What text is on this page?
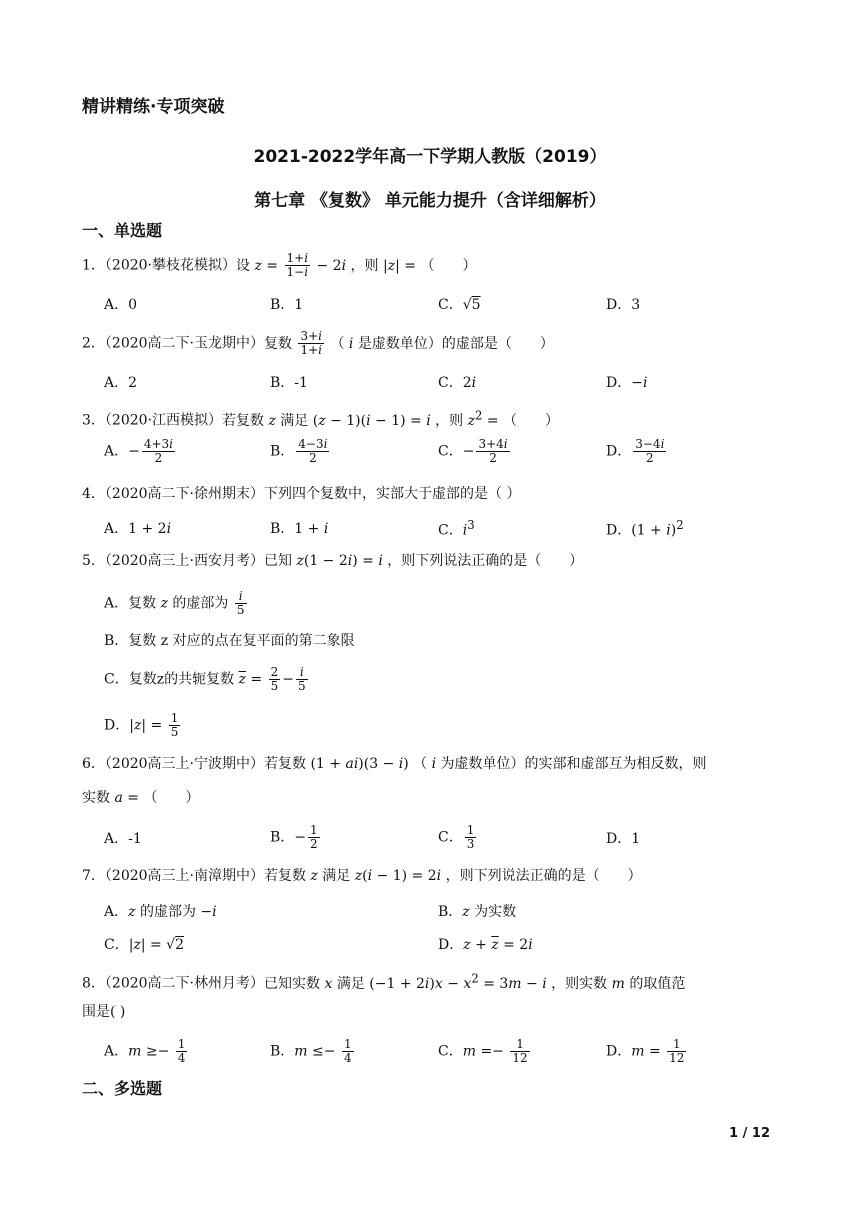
精讲精练·专项突破
2021-2022学年高一下学期人教版（2019）
第七章 《复数》 单元能力提升（含详细解析）
一、单选题
1．（2020·攀枝花模拟）设 $z = \frac{1+i}{1-i} - 2i$ ，则 |z| = （　　）
A．0	B．1	C．√5	D．3
2．（2020高二下·玉龙期中）复数 $\frac{3+i}{1+i}$ （ i 是虚数单位）的虚部是（　　）
A．2	B．-1	C．2i	D．−i
3．（2020·江西模拟）若复数 z 满足 (z − 1)(i − 1) = i ，则 $z^2$ = （　　）
A．− $\frac{4+3i}{2}$	B． $\frac{4-3i}{2}$	C．− $\frac{3+4i}{2}$	D． $\frac{3-4i}{2}$
4．（2020高二下·徐州期末）下列四个复数中，实部大于虚部的是（ ）
A．1 + 2i	B．1 + i	C．$i^3$	D．$(1 + i)^2$
5．（2020高三上·西安月考）已知 z(1 − 2i) = i ，则下列说法正确的是（　　）
A．复数 z 的虚部为 $\frac{i}{5}$
B．复数 z 对应的点在复平面的第二象限
C．复数z的共轭复数 $\overline{z} = \frac{2}{5} - \frac{i}{5}$
D．$|z| = \frac{1}{5}$
6．（2020高三上·宁波期中）若复数 (1 + ai)(3 − i) （ i 为虚数单位）的实部和虚部互为相反数，则
实数 a = （　　）
A．-1	B．− $\frac{1}{2}$	C． $\frac{1}{3}$	D．1
7．（2020高三上·南漳期中）若复数 z 满足 z(i − 1) = 2i ，则下列说法正确的是（　　）
A．z 的虚部为 −i	B．z 为实数
C．|z| = √2	D．$z + \overline{z} = 2i$
8．（2020高二下·林州月考）已知实数 x 满足 $(-1 + 2i)x - x^2 = 3m - i$ ，则实数 m 的取值范
围是( )
A．$m \ge- \frac{1}{4}$	B．$m \le- \frac{1}{4}$	C．$m =- \frac{1}{12}$	D．$m = \frac{1}{12}$
二、多选题
1 / 12
